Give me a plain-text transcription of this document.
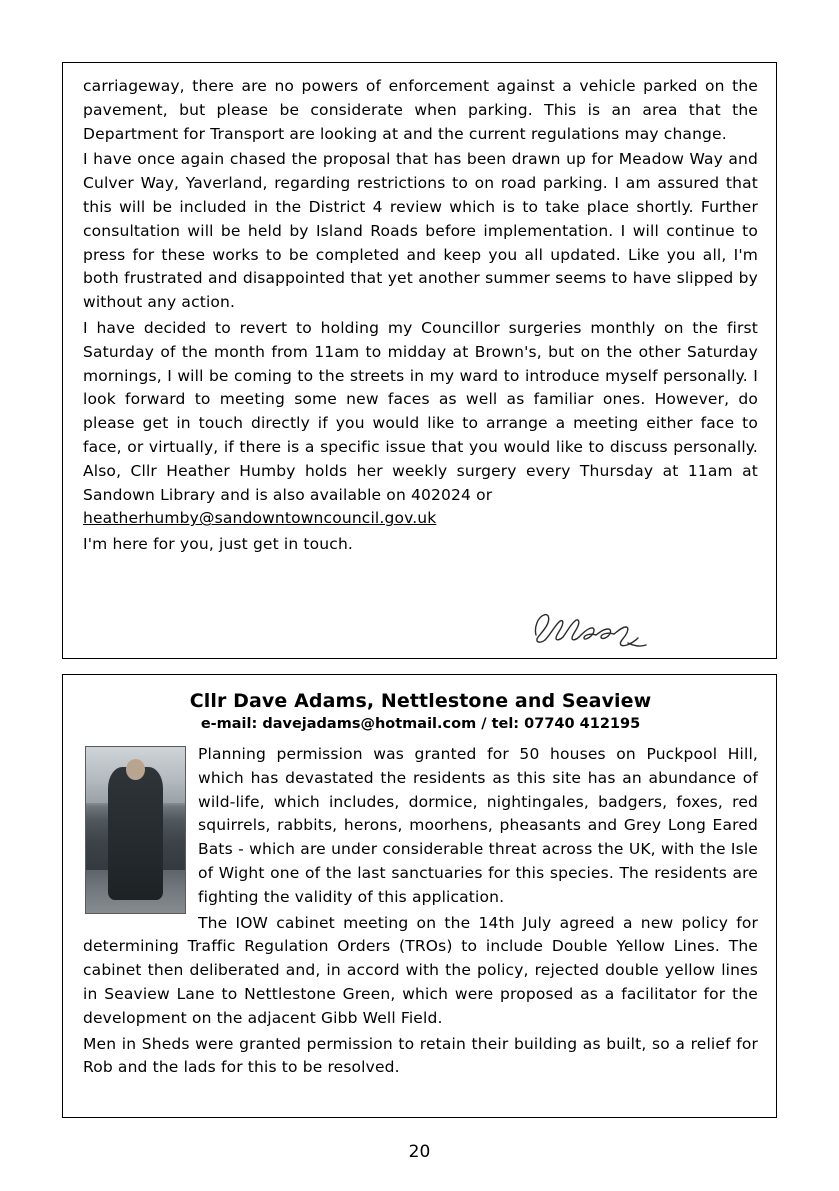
carriageway, there are no powers of enforcement against a vehicle parked on the pavement, but please be considerate when parking. This is an area that the Department for Transport are looking at and the current regulations may change.

I have once again chased the proposal that has been drawn up for Meadow Way and Culver Way, Yaverland, regarding restrictions to on road parking. I am assured that this will be included in the District 4 review which is to take place shortly. Further consultation will be held by Island Roads before implementation. I will continue to press for these works to be completed and keep you all updated. Like you all, I'm both frustrated and disappointed that yet another summer seems to have slipped by without any action.

I have decided to revert to holding my Councillor surgeries monthly on the first Saturday of the month from 11am to midday at Brown's, but on the other Saturday mornings, I will be coming to the streets in my ward to introduce myself personally. I look forward to meeting some new faces as well as familiar ones. However, do please get in touch directly if you would like to arrange a meeting either face to face, or virtually, if there is a specific issue that you would like to discuss personally. Also, Cllr Heather Humby holds her weekly surgery every Thursday at 11am at Sandown Library and is also available on 402024 or
heatherhumby@sandowntowncouncil.gov.uk

I'm here for you, just get in touch.

Cllr Dave Adams, Nettlestone and Seaview
e-mail: davejadams@hotmail.com / tel: 07740 412195

Planning permission was granted for 50 houses on Puckpool Hill, which has devastated the residents as this site has an abundance of wild-life, which includes, dormice, nightingales, badgers, foxes, red squirrels, rabbits, herons, moorhens, pheasants and Grey Long Eared Bats - which are under considerable threat across the UK, with the Isle of Wight one of the last sanctuaries for this species. The residents are fighting the validity of this application.

The IOW cabinet meeting on the 14th July agreed a new policy for determining Traffic Regulation Orders (TROs) to include Double Yellow Lines. The cabinet then deliberated and, in accord with the policy, rejected double yellow lines in Seaview Lane to Nettlestone Green, which were proposed as a facilitator for the development on the adjacent Gibb Well Field.

Men in Sheds were granted permission to retain their building as built, so a relief for Rob and the lads for this to be resolved.

20
